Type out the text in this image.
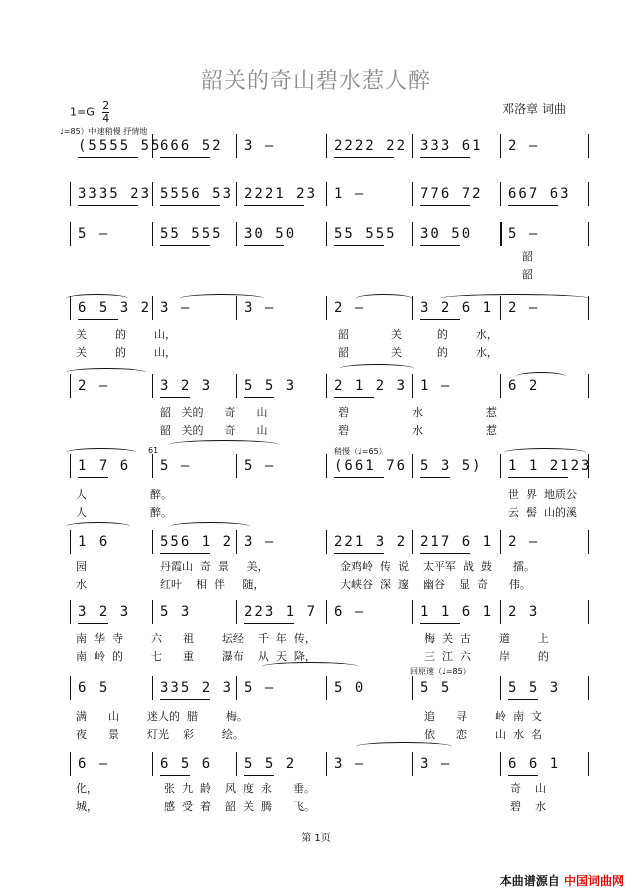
韶关的奇山碧水惹人醉
$1=G \frac{2}{4}$	邓洛章 词曲
♩=85）中速稍慢 抒情地
(5555 55
666 52 3 –	2222 22 333 61 2 –
3335 23 5556 53 2221 23 1 –	776 72 667 63
5 –	55 555 30 50	55 555 30 50	5 –
6 5 3 2 3 –	3 –	2 –	3 2 6 1 2 –
2 –	3 2 3 5 5 3	2 1 2 3 1 –	6 2
1 7 6 5 –	5 –	(661 76 5 3 5) 1 1 2123
1 6	556 1 2 3 –	221 3 2 217 6 1 2 –
3 2 3 5 3	223 1 7 6 –	1 1 6 1 2 3
6 5	335 2 3 5 –	5 0	5 5	5 5 3
6 –	6 5 6 5 5 2	3 –	3 –	6 6 1
韶
韶
关        的        山，	韶            关          的        水，
关        的        山，	韶            关          的        水，
韶   关的      奇      山	碧                  水                  惹
韶   关的      奇      山	碧                  水                  惹
人                  醉。	世  界  地质公
人                  醉。	云  髻  山的溪
园	丹霞山  奇  景     美，	金鸡岭  传  说    太平军  战  鼓      擂。
水	红叶    相  伴     随，	大峡谷  深  邃    幽谷    显  奇      伟。
南  华  寺        六      祖        坛经    千  年  传，	梅  关  古        道        上
南  岭  的        七      重        瀑布    从  天  降，	三  江  六        岸        的
满      山        迷人的  腊        梅。	追      寻        岭  南  文
夜      景        灯光    彩        绘。	依      恋        山  水  名
化，	张  九  龄    风  度  永      垂。	奇    山
城，	感  受  着    韶  关  腾      飞。	碧    水
61	稍慢（♩=65）
回原速（♩=85）
第 1页
本曲谱源自 中国词曲网
